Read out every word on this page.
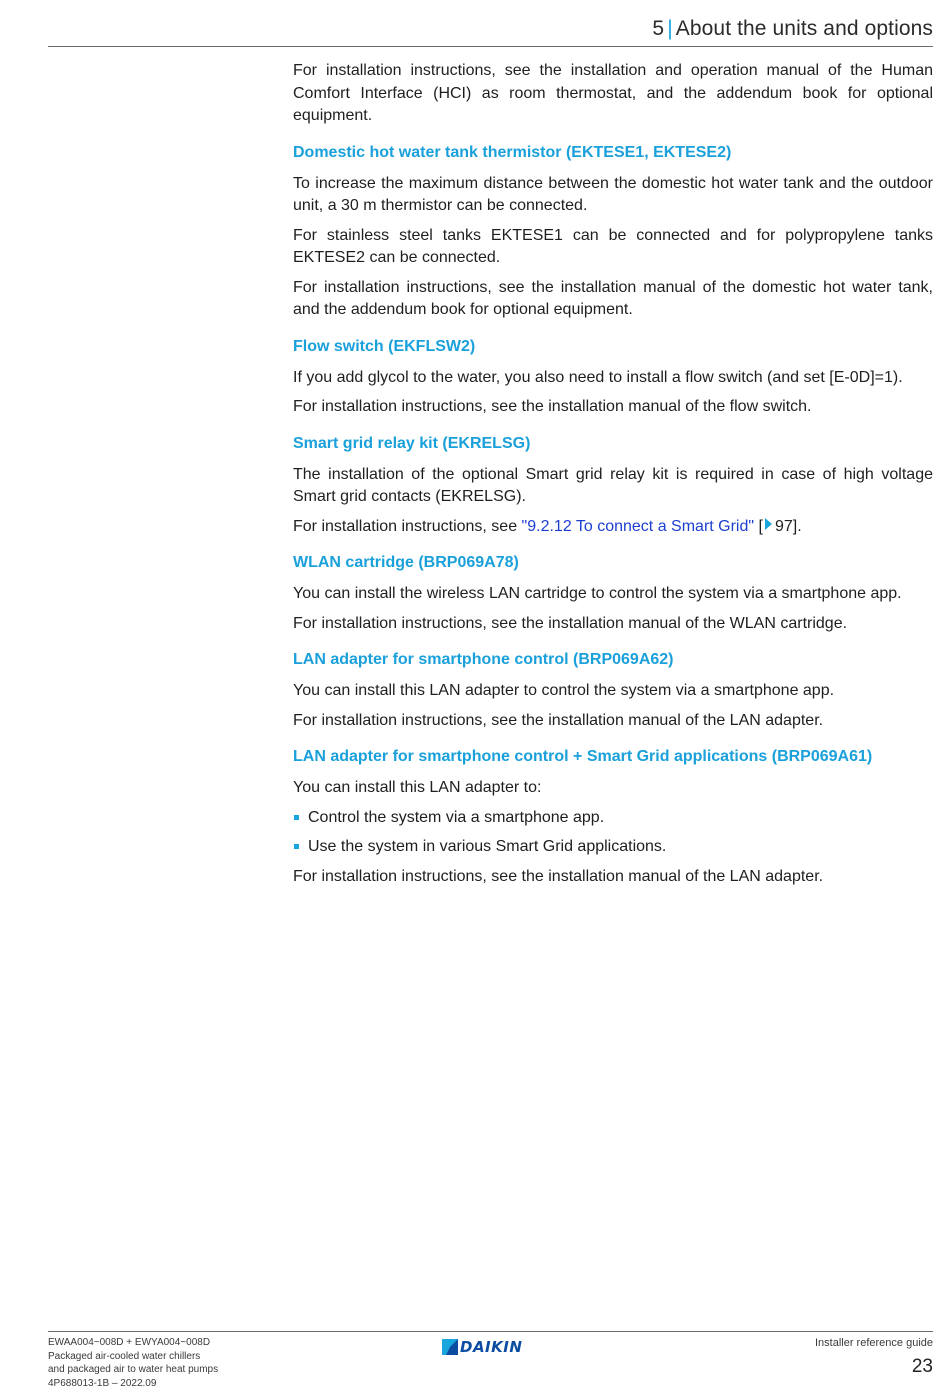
5 | About the units and options

For installation instructions, see the installation and operation manual of the Human Comfort Interface (HCI) as room thermostat, and the addendum book for optional equipment.

Domestic hot water tank thermistor (EKTESE1, EKTESE2)

To increase the maximum distance between the domestic hot water tank and the outdoor unit, a 30 m thermistor can be connected.

For stainless steel tanks EKTESE1 can be connected and for polypropylene tanks EKTESE2 can be connected.

For installation instructions, see the installation manual of the domestic hot water tank, and the addendum book for optional equipment.

Flow switch (EKFLSW2)

If you add glycol to the water, you also need to install a flow switch (and set [E-0D]=1).

For installation instructions, see the installation manual of the flow switch.

Smart grid relay kit (EKRELSG)

The installation of the optional Smart grid relay kit is required in case of high voltage Smart grid contacts (EKRELSG).

For installation instructions, see "9.2.12 To connect a Smart Grid" [ 97].

WLAN cartridge (BRP069A78)

You can install the wireless LAN cartridge to control the system via a smartphone app.

For installation instructions, see the installation manual of the WLAN cartridge.

LAN adapter for smartphone control (BRP069A62)

You can install this LAN adapter to control the system via a smartphone app.

For installation instructions, see the installation manual of the LAN adapter.

LAN adapter for smartphone control + Smart Grid applications (BRP069A61)

You can install this LAN adapter to:

Control the system via a smartphone app.
Use the system in various Smart Grid applications.

For installation instructions, see the installation manual of the LAN adapter.

EWAA004~008D + EWYA004~008D
Packaged air-cooled water chillers
and packaged air to water heat pumps
4P688013-1B – 2022.09
DAIKIN	Installer reference guide
23
